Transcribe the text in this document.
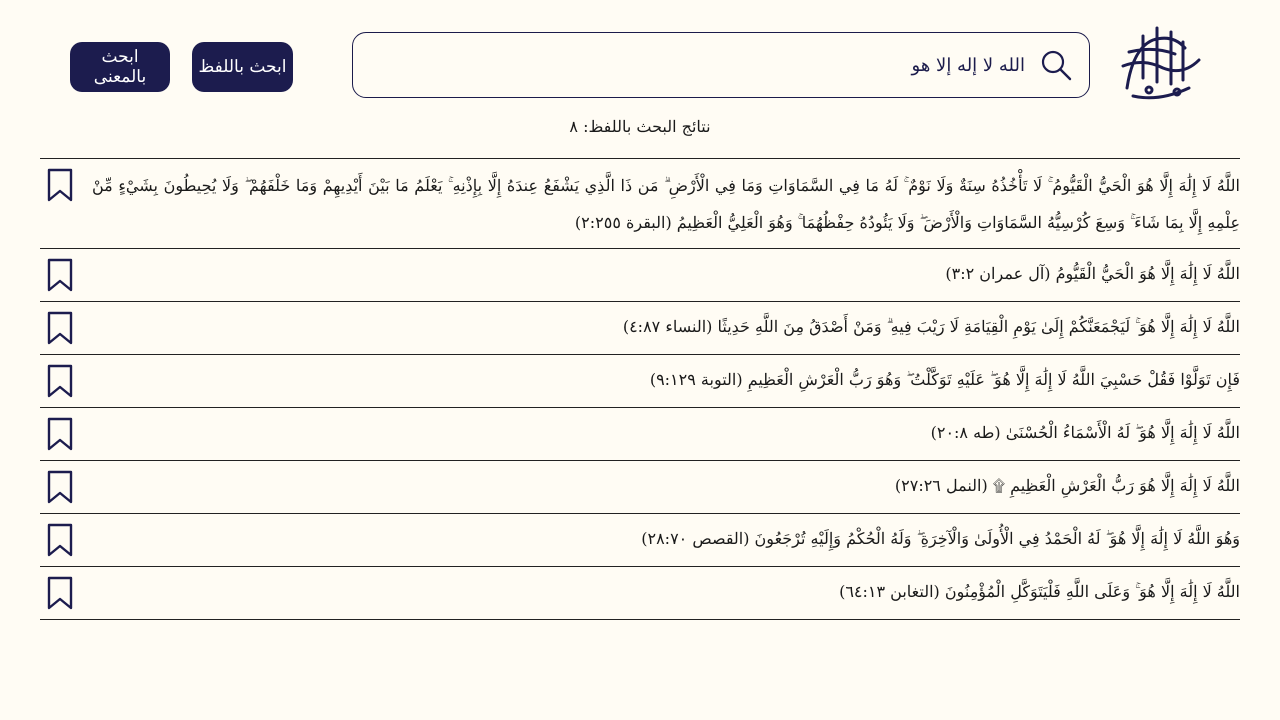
الله لا إله إلا هو
ابحث باللفظ
ابحث بالمعنى
نتائج البحث باللفظ: ٨
اللَّهُ لَا إِلَٰهَ إِلَّا هُوَ الْحَيُّ الْقَيُّومُ ۚ لَا تَأْخُذُهُ سِنَةٌ وَلَا نَوْمٌ ۚ لَهُ مَا فِي السَّمَاوَاتِ وَمَا فِي الْأَرْضِ ۗ مَن ذَا الَّذِي يَشْفَعُ عِندَهُ إِلَّا بِإِذْنِهِ ۚ يَعْلَمُ مَا بَيْنَ أَيْدِيهِمْ وَمَا خَلْفَهُمْ ۖ وَلَا يُحِيطُونَ بِشَيْءٍ مِّنْ عِلْمِهِ إِلَّا بِمَا شَاءَ ۚ وَسِعَ كُرْسِيُّهُ السَّمَاوَاتِ وَالْأَرْضَ ۖ وَلَا يَئُودُهُ حِفْظُهُمَا ۚ وَهُوَ الْعَلِيُّ الْعَظِيمُ (البقرة ٢:٢٥٥)
اللَّهُ لَا إِلَٰهَ إِلَّا هُوَ الْحَيُّ الْقَيُّومُ (آل عمران ٣:٢)
اللَّهُ لَا إِلَٰهَ إِلَّا هُوَ ۚ لَيَجْمَعَنَّكُمْ إِلَىٰ يَوْمِ الْقِيَامَةِ لَا رَيْبَ فِيهِ ۗ وَمَنْ أَصْدَقُ مِنَ اللَّهِ حَدِيثًا (النساء ٤:٨٧)
فَإِن تَوَلَّوْا فَقُلْ حَسْبِيَ اللَّهُ لَا إِلَٰهَ إِلَّا هُوَ ۖ عَلَيْهِ تَوَكَّلْتُ ۖ وَهُوَ رَبُّ الْعَرْشِ الْعَظِيمِ (التوبة ٩:١٢٩)
اللَّهُ لَا إِلَٰهَ إِلَّا هُوَ ۖ لَهُ الْأَسْمَاءُ الْحُسْنَىٰ (طه ٢٠:٨)
اللَّهُ لَا إِلَٰهَ إِلَّا هُوَ رَبُّ الْعَرْشِ الْعَظِيمِ ۩ (النمل ٢٧:٢٦)
وَهُوَ اللَّهُ لَا إِلَٰهَ إِلَّا هُوَ ۖ لَهُ الْحَمْدُ فِي الْأُولَىٰ وَالْآخِرَةِ ۖ وَلَهُ الْحُكْمُ وَإِلَيْهِ تُرْجَعُونَ (القصص ٢٨:٧٠)
اللَّهُ لَا إِلَٰهَ إِلَّا هُوَ ۚ وَعَلَى اللَّهِ فَلْيَتَوَكَّلِ الْمُؤْمِنُونَ (التغابن ٦٤:١٣)
